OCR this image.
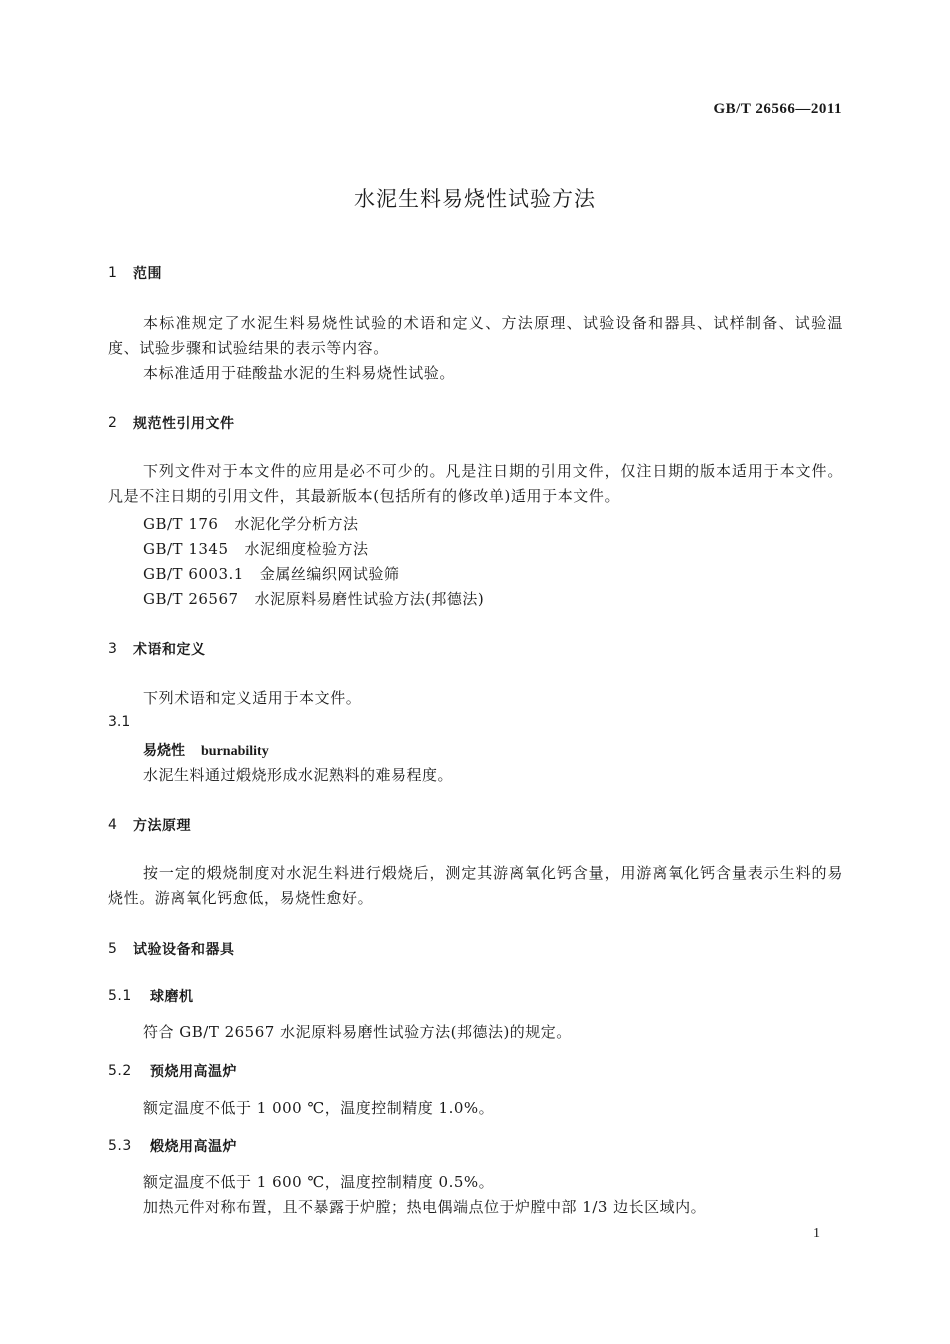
GB/T 26566—2011
水泥生料易烧性试验方法
1	范围
本标准规定了水泥生料易烧性试验的术语和定义、方法原理、试验设备和器具、试样制备、试验温度、试验步骤和试验结果的表示等内容。
本标准适用于硅酸盐水泥的生料易烧性试验。
2	规范性引用文件
下列文件对于本文件的应用是必不可少的。凡是注日期的引用文件，仅注日期的版本适用于本文件。凡是不注日期的引用文件，其最新版本(包括所有的修改单)适用于本文件。
GB/T 176 水泥化学分析方法
GB/T 1345 水泥细度检验方法
GB/T 6003.1 金属丝编织网试验筛
GB/T 26567 水泥原料易磨性试验方法(邦德法)
3	术语和定义
下列术语和定义适用于本文件。
3.1
易烧性 burnability
水泥生料通过煅烧形成水泥熟料的难易程度。
4	方法原理
按一定的煅烧制度对水泥生料进行煅烧后，测定其游离氧化钙含量，用游离氧化钙含量表示生料的易烧性。游离氧化钙愈低，易烧性愈好。
5	试验设备和器具
5.1	球磨机
符合 GB/T 26567 水泥原料易磨性试验方法(邦德法)的规定。
5.2	预烧用高温炉
额定温度不低于 1 000 ℃，温度控制精度 1.0%。
5.3	煅烧用高温炉
额定温度不低于 1 600 ℃，温度控制精度 0.5%。
加热元件对称布置，且不暴露于炉膛；热电偶端点位于炉膛中部 1/3 边长区域内。
1
